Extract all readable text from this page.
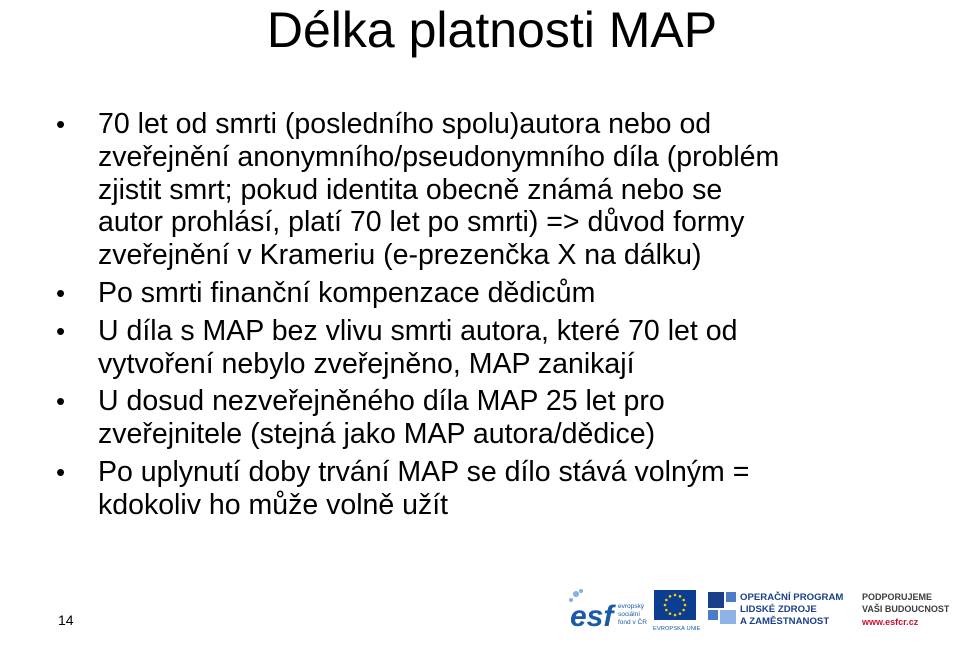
Délka platnosti MAP
•	70 let od smrti (posledního spolu)autora nebo od
zveřejnění anonymního/pseudonymního díla (problém
zjistit smrt; pokud identita obecně známá nebo se
autor prohlásí, platí 70 let po smrti) => důvod formy
zveřejnění v Krameriu (e-prezenčka X na dálku)
•	Po smrti finanční kompenzace dědicům
•	U díla s MAP bez vlivu smrti autora, které 70 let od
vytvoření nebylo zveřejněno, MAP zanikají
•	U dosud nezveřejněného díla MAP 25 let pro
zveřejnitele (stejná jako MAP autora/dědice)
•	Po uplynutí doby trvání MAP se dílo stává volným =
kdokoliv ho může volně užít
14	esf evropský
sociální
fond v ČR
EVROPSKÁ UNIE
OPERAČNÍ PROGRAM
LIDSKÉ ZDROJE
A ZAMĚSTNANOST
PODPORUJEME
VAŠI BUDOUCNOST
www.esfcr.cz
